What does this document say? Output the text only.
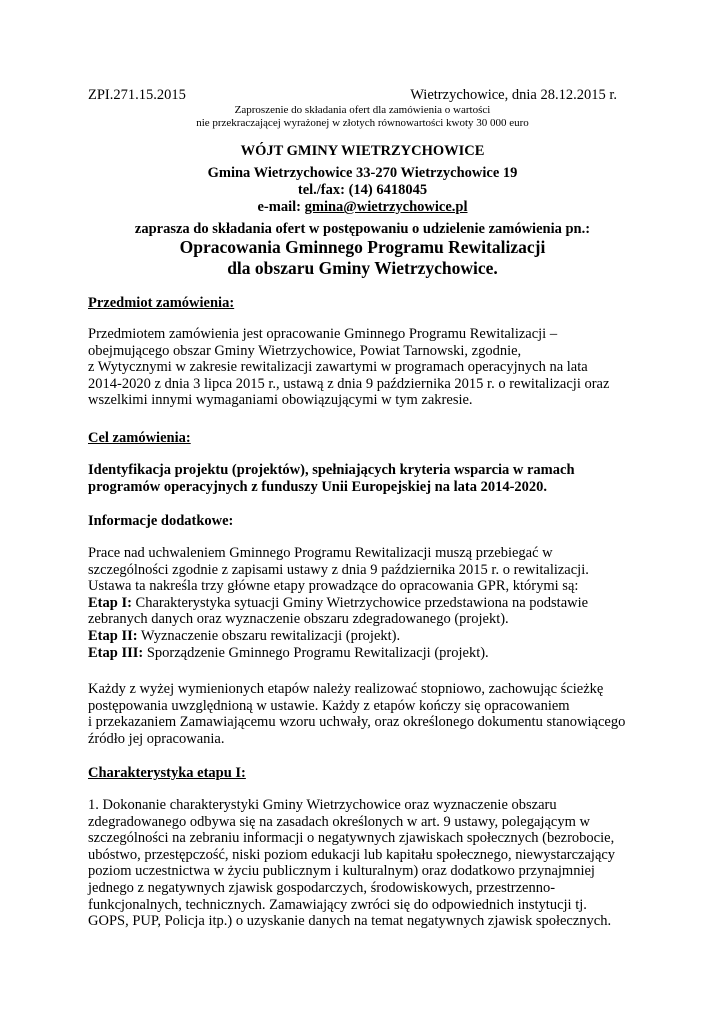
ZPI.271.15.2015	Wietrzychowice, dnia 28.12.2015 r.
Zaproszenie do składania ofert dla zamówienia o wartości
nie przekraczającej wyrażonej w złotych równowartości kwoty 30 000 euro
WÓJT GMINY WIETRZYCHOWICE
Gmina Wietrzychowice 33-270 Wietrzychowice 19
tel./fax: (14) 6418045
e-mail: gmina@wietrzychowice.pl
zaprasza do składania ofert w postępowaniu o udzielenie zamówienia pn.:
Opracowania Gminnego Programu Rewitalizacji
dla obszaru Gminy Wietrzychowice.
Przedmiot zamówienia:
Przedmiotem zamówienia jest opracowanie Gminnego Programu Rewitalizacji –
obejmującego obszar Gminy Wietrzychowice, Powiat Tarnowski, zgodnie,
z Wytycznymi w zakresie rewitalizacji zawartymi w programach operacyjnych na lata
2014-2020 z dnia 3 lipca 2015 r., ustawą z dnia 9 października 2015 r. o rewitalizacji oraz
wszelkimi innymi wymaganiami obowiązującymi w tym zakresie.
Cel zamówienia:
Identyfikacja projektu (projektów), spełniających kryteria wsparcia w ramach
programów operacyjnych z funduszy Unii Europejskiej na lata 2014-2020.
Informacje dodatkowe:
Prace nad uchwaleniem Gminnego Programu Rewitalizacji muszą przebiegać w
szczególności zgodnie z zapisami ustawy z dnia 9 października 2015 r. o rewitalizacji.
Ustawa ta nakreśla trzy główne etapy prowadzące do opracowania GPR, którymi są:
Etap I: Charakterystyka sytuacji Gminy Wietrzychowice przedstawiona na podstawie
zebranych danych oraz wyznaczenie obszaru zdegradowanego (projekt).
Etap II: Wyznaczenie obszaru rewitalizacji (projekt).
Etap III: Sporządzenie Gminnego Programu Rewitalizacji (projekt).
Każdy z wyżej wymienionych etapów należy realizować stopniowo, zachowując ścieżkę
postępowania uwzględnioną w ustawie. Każdy z etapów kończy się opracowaniem
i przekazaniem Zamawiającemu wzoru uchwały, oraz określonego dokumentu stanowiącego
źródło jej opracowania.
Charakterystyka etapu I:
1. Dokonanie charakterystyki Gminy Wietrzychowice oraz wyznaczenie obszaru
zdegradowanego odbywa się na zasadach określonych w art. 9 ustawy, polegającym w
szczególności na zebraniu informacji o negatywnych zjawiskach społecznych (bezrobocie,
ubóstwo, przestępczość, niski poziom edukacji lub kapitału społecznego, niewystarczający
poziom uczestnictwa w życiu publicznym i kulturalnym) oraz dodatkowo przynajmniej
jednego z negatywnych zjawisk gospodarczych, środowiskowych, przestrzenno-
funkcjonalnych, technicznych. Zamawiający zwróci się do odpowiednich instytucji tj.
GOPS, PUP, Policja itp.) o uzyskanie danych na temat negatywnych zjawisk społecznych.
